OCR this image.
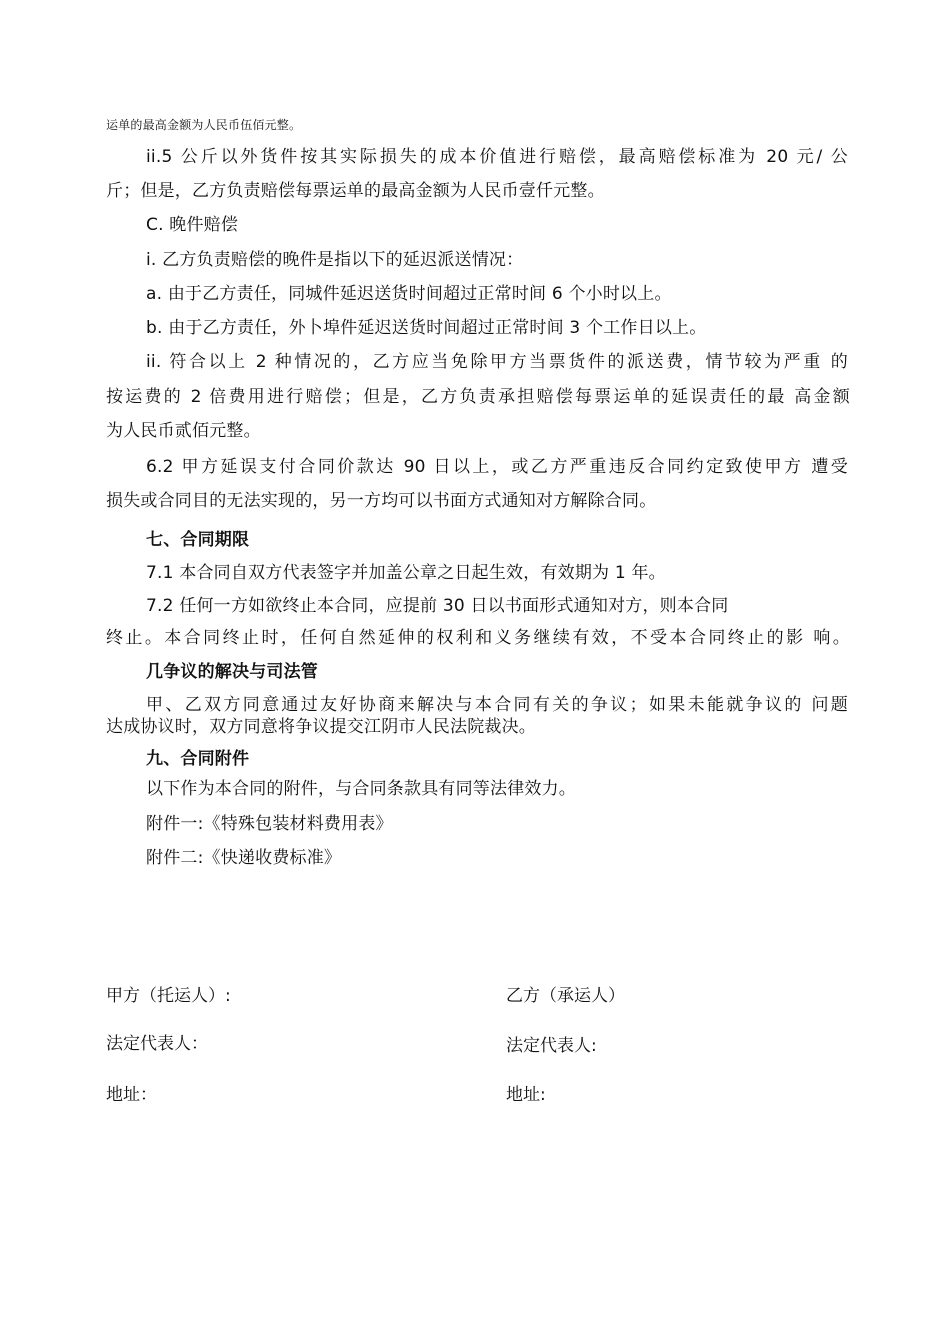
运单的最高金额为人民币伍佰元整。
ii.5 公斤以外货件按其实际损失的成本价值进行赔偿，最高赔偿标准为 20 元/ 公
斤；但是，乙方负责赔偿每票运单的最高金额为人民币壹仟元整。
C. 晚件赔偿
i. 乙方负责赔偿的晚件是指以下的延迟派送情况：
a. 由于乙方责任，同城件延迟送货时间超过正常时间 6 个小时以上。
b. 由于乙方责任，外卜埠件延迟送货时间超过正常时间 3 个工作日以上。
ii. 符合以上 2 种情况的，乙方应当免除甲方当票货件的派送费，情节较为严重 的
按运费的 2 倍费用进行赔偿；但是，乙方负责承担赔偿每票运单的延误责任的最 高金额
为人民币贰佰元整。
6.2 甲方延误支付合同价款达 90 日以上，或乙方严重违反合同约定致使甲方 遭受
损失或合同目的无法实现的，另一方均可以书面方式通知对方解除合同。
七、合同期限
7.1 本合同自双方代表签字并加盖公章之日起生效，有效期为 1 年。
7.2 任何一方如欲终止本合同，应提前 30 日以书面形式通知对方，则本合同
终止。本合同终止时，任何自然延伸的权利和义务继续有效，不受本合同终止的影 响。
几争议的解决与司法管
甲、乙双方同意通过友好协商来解决与本合同有关的争议；如果未能就争议的 问题
达成协议时，双方同意将争议提交江阴市人民法院裁决。
九、合同附件
以下作为本合同的附件，与合同条款具有同等法律效力。
附件一:《特殊包装材料费用表》
附件二:《快递收费标准》
甲方（托运人）:	乙方（承运人）
法定代表人：	法定代表人:
地址：	地址:
